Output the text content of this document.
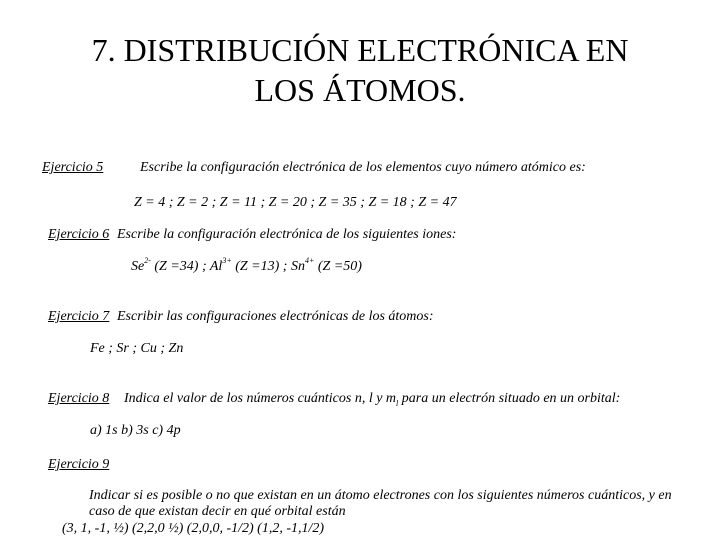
7. DISTRIBUCIÓN ELECTRÓNICA EN
LOS ÁTOMOS.
Ejercicio 5	Escribe la configuración electrónica de los elementos cuyo número atómico es:
Z = 4 ; Z = 2 ; Z = 11 ; Z = 20 ; Z = 35 ; Z = 18 ; Z = 47
Ejercicio 6 Escribe la configuración electrónica de los siguientes iones:
$Se^{2-}$ (Z =34) ; $Al^{3+}$ (Z =13) ; $Sn^{4+}$ (Z =50)
Ejercicio 7 Escribir las configuraciones electrónicas de los átomos:
Fe ; Sr ; Cu ; Zn
Ejercicio 8 Indica el valor de los números cuánticos n, l y $m_l$ para un electrón situado en un orbital:
a) 1s b) 3s c) 4p
Ejercicio 9
Indicar si es posible o no que existan en un átomo electrones con los siguientes números cuánticos, y en caso de que existan decir en qué orbital están
(3, 1, -1, ½) (2,2,0 ½) (2,0,0, -1/2) (1,2, -1,1/2)
